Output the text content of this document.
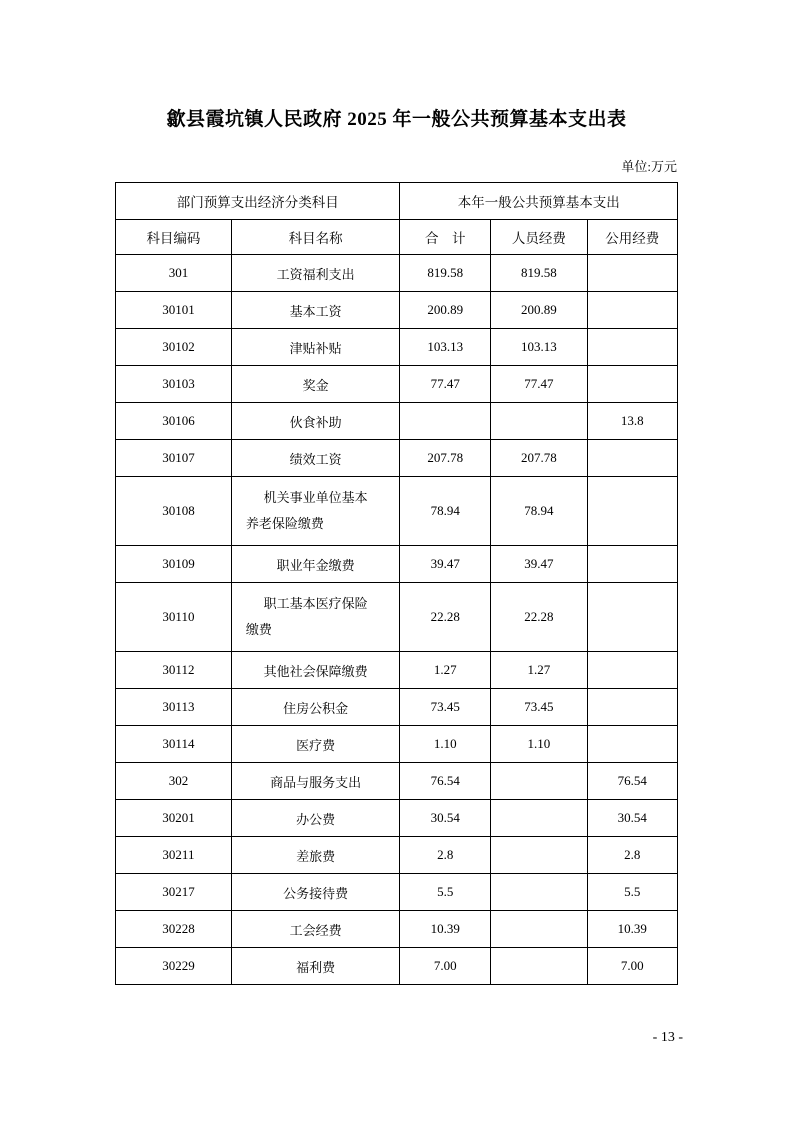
歙县霞坑镇人民政府 2025 年一般公共预算基本支出表
单位:万元
部门预算支出经济分类科目		本年一般公共预算基本支出		
科目编码	科目名称	合　计	人员经费	公用经费
301	工资福利支出	819.58	819.58	
30101	基本工资	200.89	200.89	
30102	津贴补贴	103.13	103.13	
30103	奖金	77.47	77.47	
30106	伙食补助			13.8
30107	绩效工资	207.78	207.78	
30108	机关事业单位基本
养老保险缴费	78.94	78.94	
30109	职业年金缴费	39.47	39.47	
30110	职工基本医疗保险
缴费	22.28	22.28	
30112	其他社会保障缴费	1.27	1.27	
30113	住房公积金	73.45	73.45	
30114	医疗费	1.10	1.10	
302	商品与服务支出	76.54		76.54
30201	办公费	30.54		30.54
30211	差旅费	2.8		2.8
30217	公务接待费	5.5		5.5
30228	工会经费	10.39		10.39
30229	福利费	7.00		7.00
- 13 -
